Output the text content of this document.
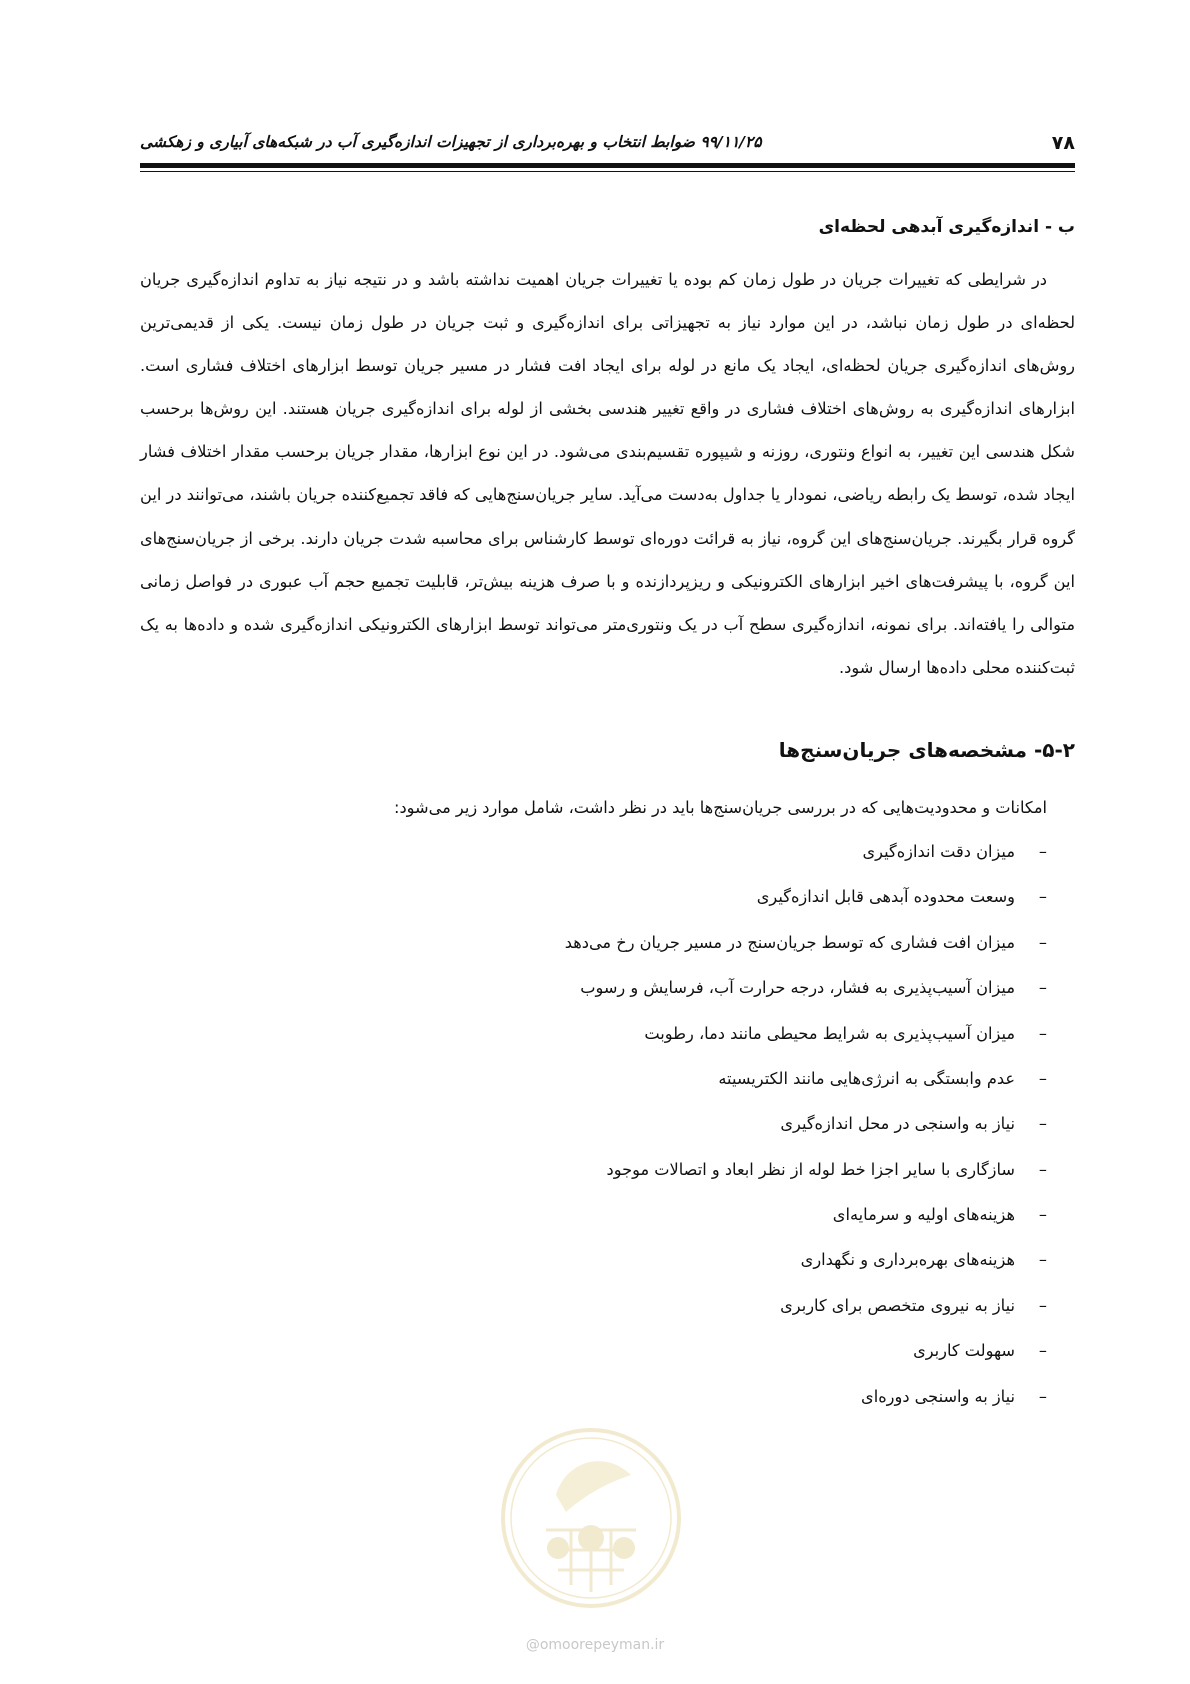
۷۸
۹۹/۱۱/۲۵ ضوابط انتخاب و بهره‌برداری از تجهیزات اندازه‌گیری آب در شبکه‌های آبیاری و زهکشی
ب - اندازه‌گیری آبدهی لحظه‌ای

در شرایطی که تغییرات جریان در طول زمان کم بوده یا تغییرات جریان اهمیت نداشته باشد و در نتیجه نیاز به تداوم اندازه‌گیری جریان لحظه‌ای در طول زمان نباشد، در این موارد نیاز به تجهیزاتی برای اندازه‌گیری و ثبت جریان در طول زمان نیست. یکی از قدیمی‌ترین روش‌های اندازه‌گیری جریان لحظه‌ای، ایجاد یک مانع در لوله برای ایجاد افت فشار در مسیر جریان توسط ابزارهای اختلاف فشاری است. ابزارهای اندازه‌گیری به روش‌های اختلاف فشاری در واقع تغییر هندسی بخشی از لوله برای اندازه‌گیری جریان هستند. این روش‌ها برحسب شکل هندسی این تغییر، به انواع ونتوری، روزنه و شیپوره تقسیم‌بندی می‌شود. در این نوع ابزارها، مقدار جریان برحسب مقدار اختلاف فشار ایجاد شده، توسط یک رابطه ریاضی، نمودار یا جداول به‌دست می‌آید. سایر جریان‌سنج‌هایی که فاقد تجمیع‌کننده جریان باشند، می‌توانند در این گروه قرار بگیرند. جریان‌سنج‌های این گروه، نیاز به قرائت دوره‌ای توسط کارشناس برای محاسبه شدت جریان دارند. برخی از جریان‌سنج‌های این گروه، با پیشرفت‌های اخیر ابزارهای الکترونیکی و ریزپردازنده و با صرف هزینه بیش‌تر، قابلیت تجمیع حجم آب عبوری در فواصل زمانی متوالی را یافته‌اند. برای نمونه، اندازه‌گیری سطح آب در یک ونتوری‌متر می‌تواند توسط ابزارهای الکترونیکی اندازه‌گیری شده و داده‌ها به یک ثبت‌کننده محلی داده‌ها ارسال شود.

۵-۲- مشخصه‌های جریان‌سنج‌ها

امکانات و محدودیت‌هایی که در بررسی جریان‌سنج‌ها باید در نظر داشت، شامل موارد زیر می‌شود:

–میزان دقت اندازه‌گیری
–وسعت محدوده آبدهی قابل اندازه‌گیری
–میزان افت فشاری که توسط جریان‌سنج در مسیر جریان رخ می‌دهد
–میزان آسیب‌پذیری به فشار، درجه حرارت آب، فرسایش و رسوب
–میزان آسیب‌پذیری به شرایط محیطی مانند دما، رطوبت
–عدم وابستگی به انرژی‌هایی مانند الکتریسیته
–نیاز به واسنجی در محل اندازه‌گیری
–سازگاری با سایر اجزا خط لوله از نظر ابعاد و اتصالات موجود
–هزینه‌های اولیه و سرمایه‌ای
–هزینه‌های بهره‌برداری و نگهداری
–نیاز به نیروی متخصص برای کاربری
–سهولت کاربری
–نیاز به واسنجی دوره‌ای
@omoorepeyman.ir
